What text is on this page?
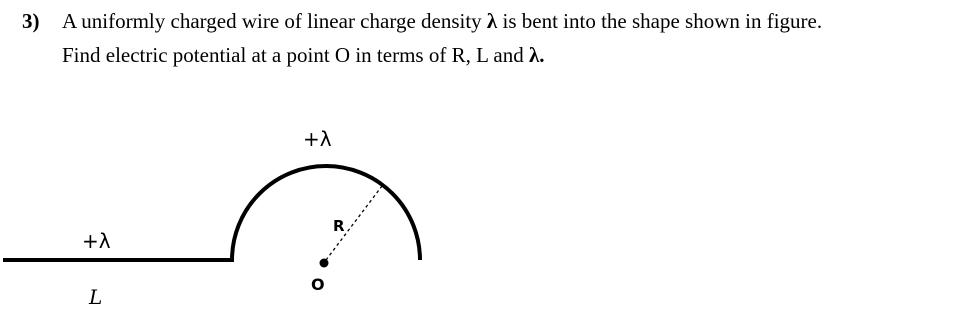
3)	A uniformly charged wire of linear charge density λ is bent into the shape shown in figure.
Find electric potential at a point O in terms of R, L and λ.
+λ
+λ
L
R
O
